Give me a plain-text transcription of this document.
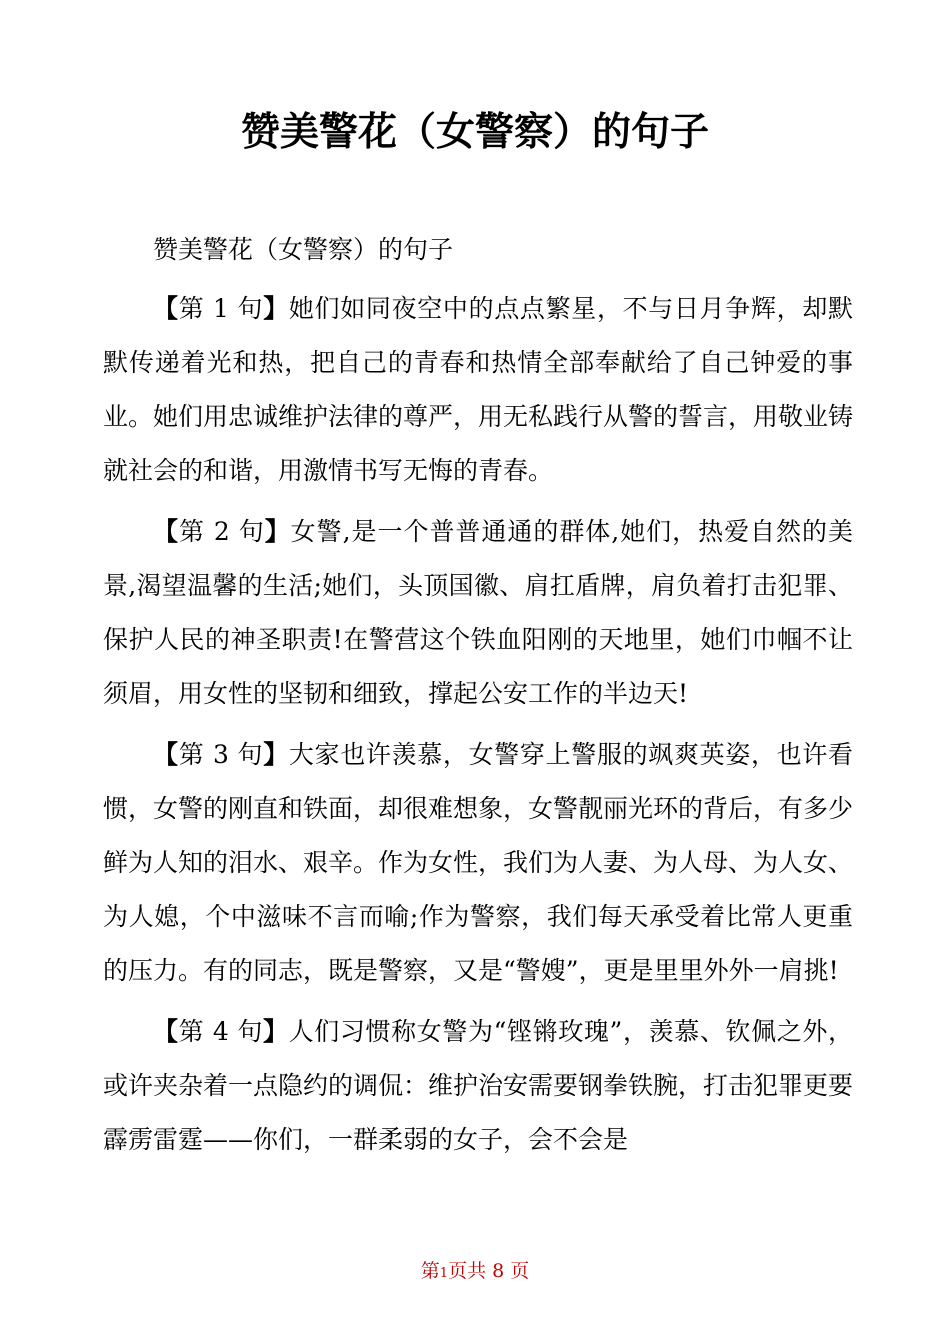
赞美警花（女警察）的句子

赞美警花（女警察）的句子

【第 1 句】她们如同夜空中的点点繁星，不与日月争辉，却默默传递着光和热，把自己的青春和热情全部奉献给了自己钟爱的事业。她们用忠诚维护法律的尊严，用无私践行从警的誓言，用敬业铸就社会的和谐，用激情书写无悔的青春。

【第 2 句】女警,是一个普普通通的群体,她们，热爱自然的美景,渴望温馨的生活;她们，头顶国徽、肩扛盾牌，肩负着打击犯罪、保护人民的神圣职责!在警营这个铁血阳刚的天地里，她们巾帼不让须眉，用女性的坚韧和细致，撑起公安工作的半边天!

【第 3 句】大家也许羡慕，女警穿上警服的飒爽英姿，也许看惯，女警的刚直和铁面，却很难想象，女警靓丽光环的背后，有多少鲜为人知的泪水、艰辛。作为女性，我们为人妻、为人母、为人女、为人媳，个中滋味不言而喻;作为警察，我们每天承受着比常人更重的压力。有的同志，既是警察，又是“警嫂”，更是里里外外一肩挑!

【第 4 句】人们习惯称女警为“铿锵玫瑰”，羡慕、钦佩之外，或许夹杂着一点隐约的调侃：维护治安需要钢拳铁腕，打击犯罪更要霹雳雷霆——你们，一群柔弱的女子，会不会是

第1页共 8 页
